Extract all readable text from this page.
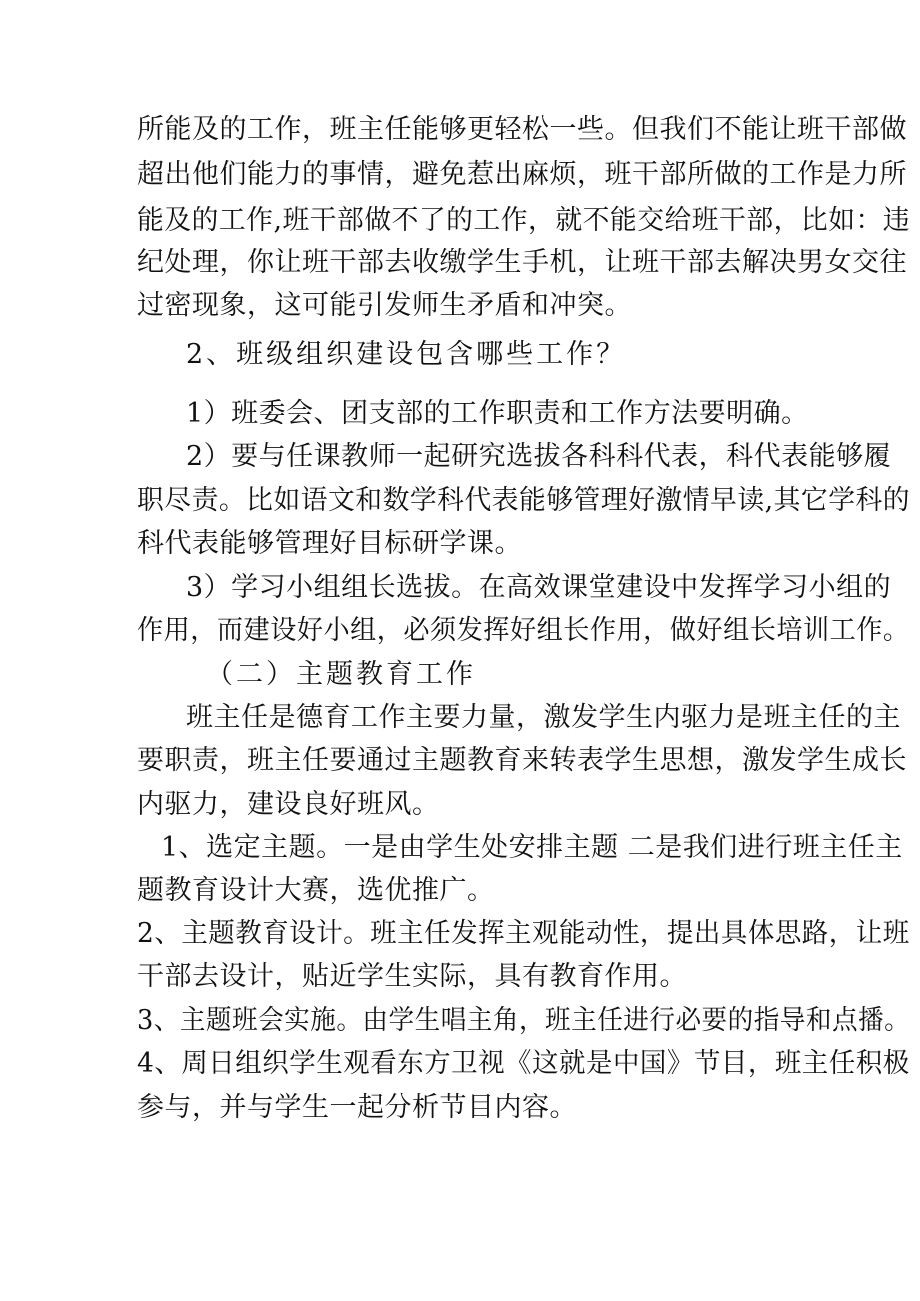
所能及的工作，班主任能够更轻松一些。但我们不能让班干部做
超出他们能力的事情，避免惹出麻烦，班干部所做的工作是力所
能及的工作,班干部做不了的工作，就不能交给班干部，比如：违
纪处理，你让班干部去收缴学生手机，让班干部去解决男女交往
过密现象，这可能引发师生矛盾和冲突。
2、班级组织建设包含哪些工作？
1）班委会、团支部的工作职责和工作方法要明确。
2）要与任课教师一起研究选拔各科科代表，科代表能够履
职尽责。比如语文和数学科代表能够管理好激情早读,其它学科的
科代表能够管理好目标研学课。
3）学习小组组长选拔。在高效课堂建设中发挥学习小组的
作用，而建设好小组，必须发挥好组长作用，做好组长培训工作。
（二）主题教育工作
班主任是德育工作主要力量，激发学生内驱力是班主任的主
要职责，班主任要通过主题教育来转表学生思想，激发学生成长
内驱力，建设良好班风。
1、选定主题。一是由学生处安排主题 二是我们进行班主任主
题教育设计大赛，选优推广。
2、主题教育设计。班主任发挥主观能动性，提出具体思路，让班
干部去设计，贴近学生实际，具有教育作用。
3、主题班会实施。由学生唱主角，班主任进行必要的指导和点播。
4、周日组织学生观看东方卫视《这就是中国》节目，班主任积极
参与，并与学生一起分析节目内容。
